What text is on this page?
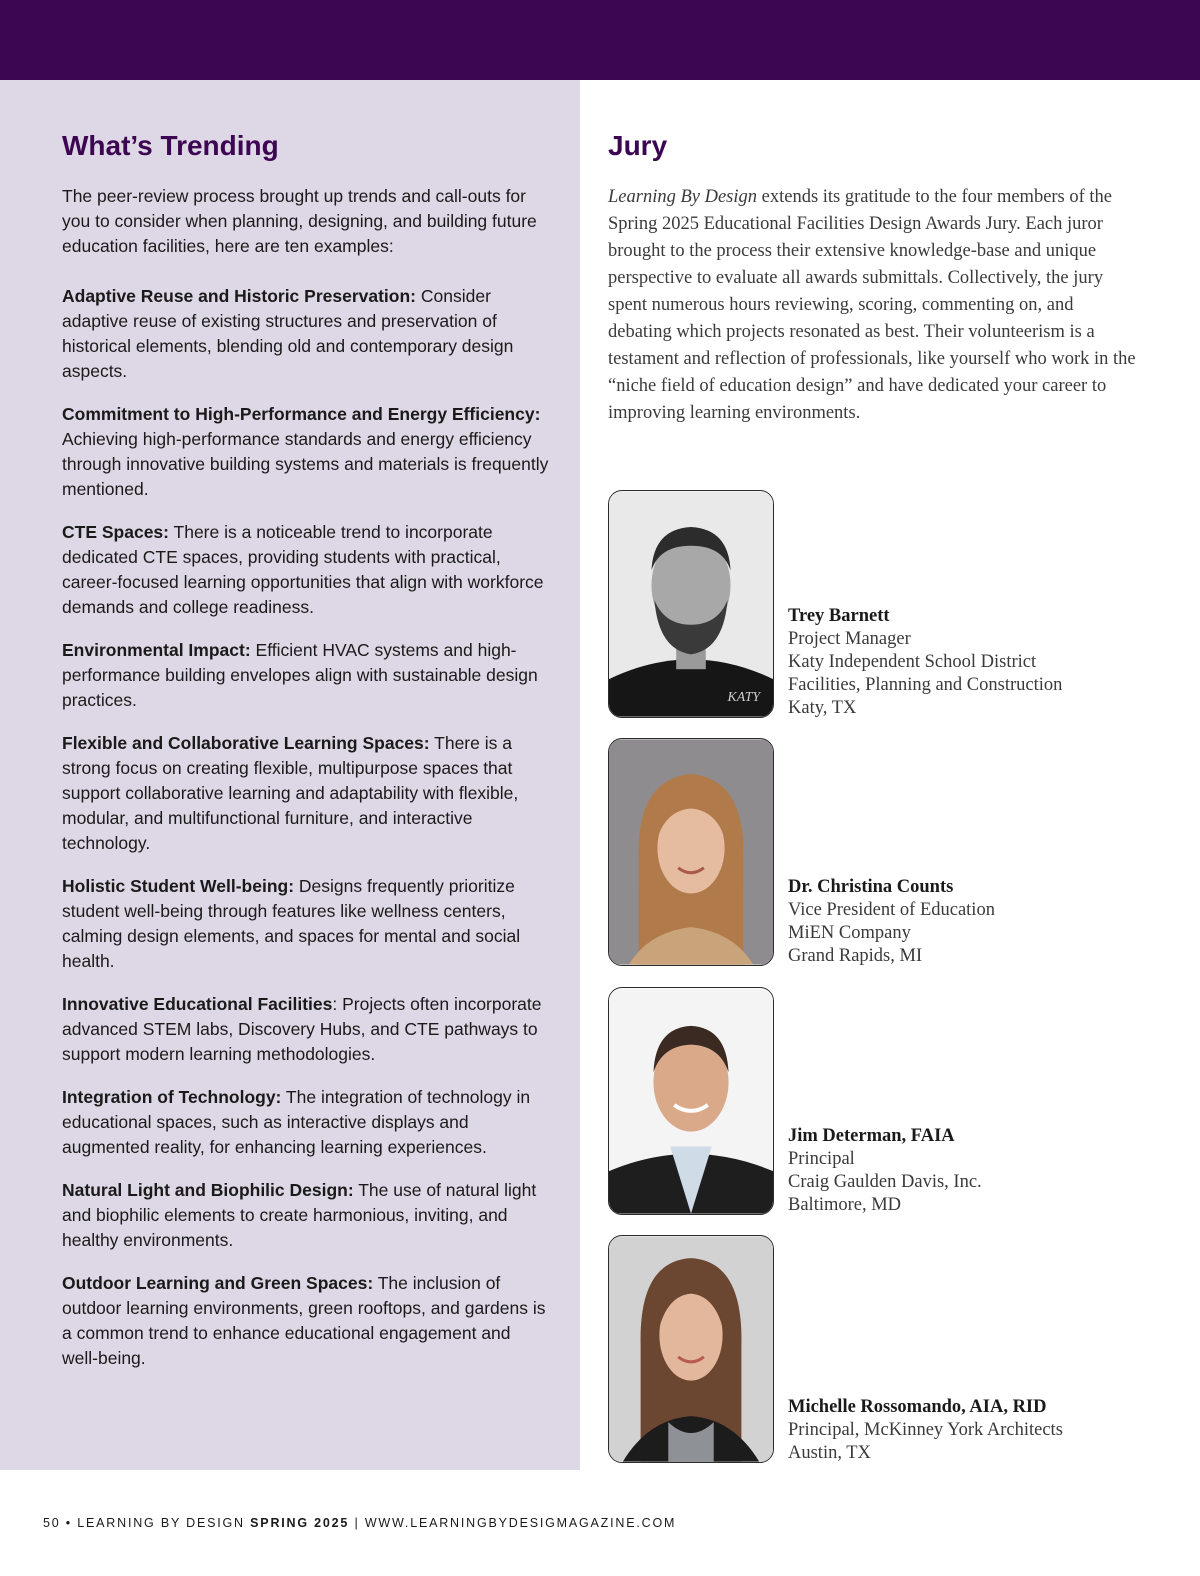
What’s Trending

The peer-review process brought up trends and call-outs for you to consider when planning, designing, and building future education facilities, here are ten examples:

Adaptive Reuse and Historic Preservation: Consider adaptive reuse of existing structures and preservation of historical elements, blending old and contemporary design aspects.

Commitment to High-Performance and Energy Efficiency: Achieving high-performance standards and energy efficiency through innovative building systems and materials is frequently mentioned.

CTE Spaces: There is a noticeable trend to incorporate dedicated CTE spaces, providing students with practical, career-focused learning opportunities that align with workforce demands and college readiness.

Environmental Impact: Efficient HVAC systems and high-performance building envelopes align with sustainable design practices.

Flexible and Collaborative Learning Spaces: There is a strong focus on creating flexible, multipurpose spaces that support collaborative learning and adaptability with flexible, modular, and multifunctional furniture, and interactive technology.

Holistic Student Well-being: Designs frequently prioritize student well-being through features like wellness centers, calming design elements, and spaces for mental and social health.

Innovative Educational Facilities: Projects often incorporate advanced STEM labs, Discovery Hubs, and CTE pathways to support modern learning methodologies.

Integration of Technology: The integration of technology in educational spaces, such as interactive displays and augmented reality, for enhancing learning experiences.

Natural Light and Biophilic Design: The use of natural light and biophilic elements to create harmonious, inviting, and healthy environments.

Outdoor Learning and Green Spaces: The inclusion of outdoor learning environments, green rooftops, and gardens is a common trend to enhance educational engagement and well-being.

Jury

Learning By Design extends its gratitude to the four members of the Spring 2025 Educational Facilities Design Awards Jury. Each juror brought to the process their extensive knowledge-base and unique perspective to evaluate all awards submittals. Collectively, the jury spent numerous hours reviewing, scoring, commenting on, and debating which projects resonated as best. Their volunteerism is a testament and reflection of professionals, like yourself who work in the “niche field of education design” and have dedicated your career to improving learning environments.

KATY
Trey Barnett
Project Manager
Katy Independent School District
Facilities, Planning and Construction
Katy, TX
Dr. Christina Counts
Vice President of Education
MiEN Company
Grand Rapids, MI
Jim Determan, FAIA
Principal
Craig Gaulden Davis, Inc.
Baltimore, MD
Michelle Rossomando, AIA, RID
Principal, McKinney York Architects
Austin, TX
50 • LEARNING BY DESIGN SPRING 2025 | WWW.LEARNINGBYDESIGMAGAZINE.COM
